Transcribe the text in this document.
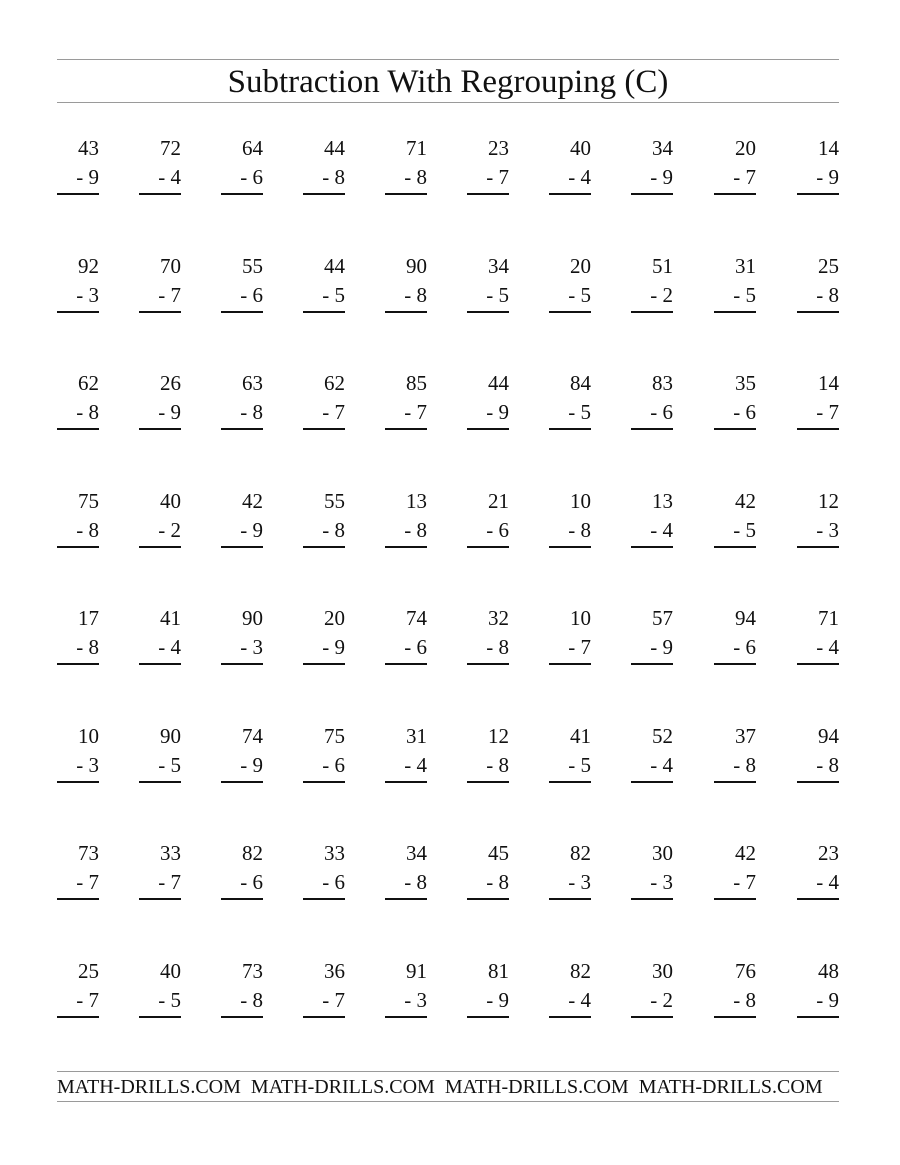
Subtraction With Regrouping (C)
43
- 9
72
- 4
64
- 6
44
- 8
71
- 8
23
- 7
40
- 4
34
- 9
20
- 7
14
- 9
92
- 3
70
- 7
55
- 6
44
- 5
90
- 8
34
- 5
20
- 5
51
- 2
31
- 5
25
- 8
62
- 8
26
- 9
63
- 8
62
- 7
85
- 7
44
- 9
84
- 5
83
- 6
35
- 6
14
- 7
75
- 8
40
- 2
42
- 9
55
- 8
13
- 8
21
- 6
10
- 8
13
- 4
42
- 5
12
- 3
17
- 8
41
- 4
90
- 3
20
- 9
74
- 6
32
- 8
10
- 7
57
- 9
94
- 6
71
- 4
10
- 3
90
- 5
74
- 9
75
- 6
31
- 4
12
- 8
41
- 5
52
- 4
37
- 8
94
- 8
73
- 7
33
- 7
82
- 6
33
- 6
34
- 8
45
- 8
82
- 3
30
- 3
42
- 7
23
- 4
25
- 7
40
- 5
73
- 8
36
- 7
91
- 3
81
- 9
82
- 4
30
- 2
76
- 8
48
- 9
MATH-DRILLS.COM MATH-DRILLS.COM MATH-DRILLS.COM MATH-DRILLS.COM
